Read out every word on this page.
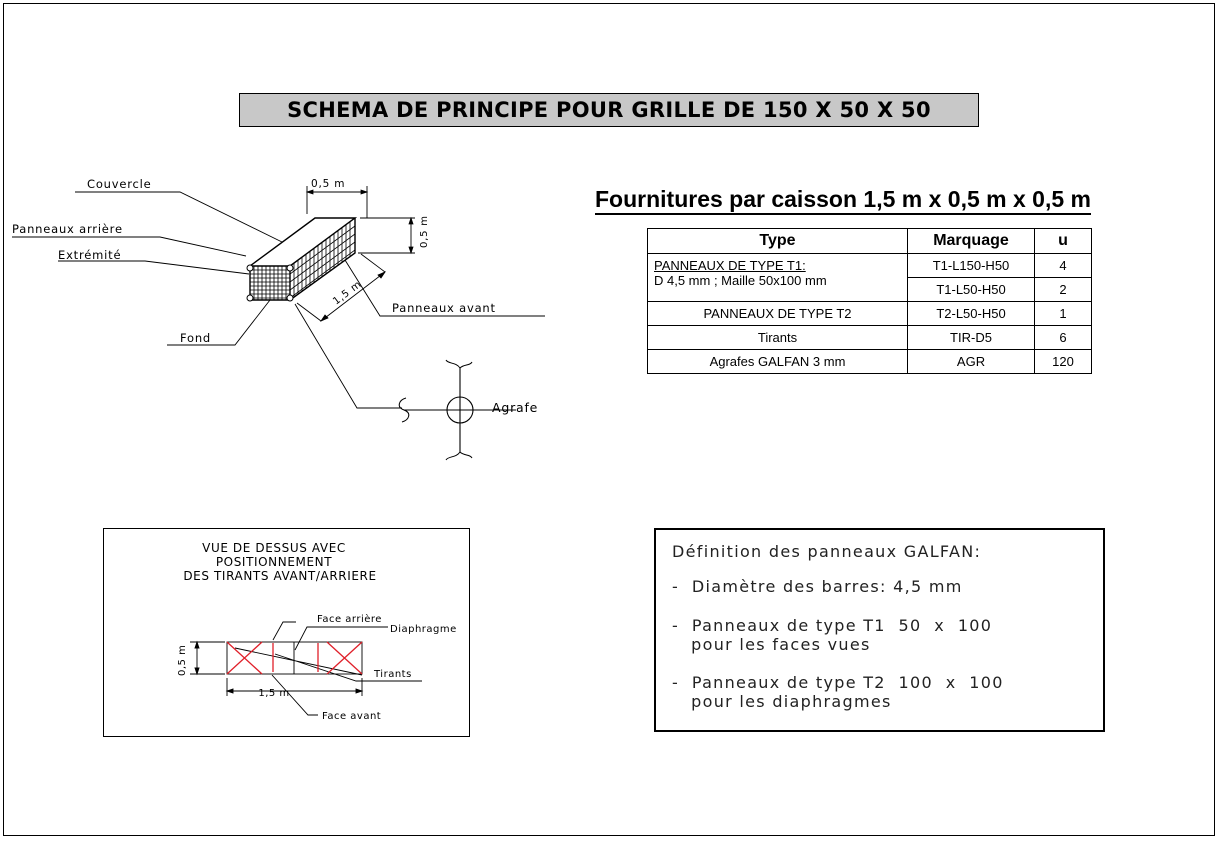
SCHEMA DE PRINCIPE POUR GRILLE DE 150 X 50 X 50
Couvercle
Panneaux arrière
Extrémité
Fond
Panneaux avant
Agrafe
0,5 m
0,5 m
1,5 m
Fournitures par caisson 1,5 m x 0,5 m x 0,5 m
Type	Marquage	u

PANNEAUX DE TYPE T1:
D 4,5 mm ; Maille 50x100 mm	T1-L150-H50	4
	T1-L50-H50	2
PANNEAUX DE TYPE T2	T2-L50-H50	1
Tirants	TIR-D5	6
Agrafes GALFAN 3 mm	AGR	120
VUE DE DESSUS AVEC
POSITIONNEMENT
DES TIRANTS AVANT/ARRIERE
Face arrière
Diaphragme
Tirants
Face avant
1,5 m
0,5 m
Définition des panneaux GALFAN:
-  Diamètre des barres: 4,5 mm
-  Panneaux de type T1  50  x  100
pour les faces vues
-  Panneaux de type T2  100  x  100
pour les diaphragmes
